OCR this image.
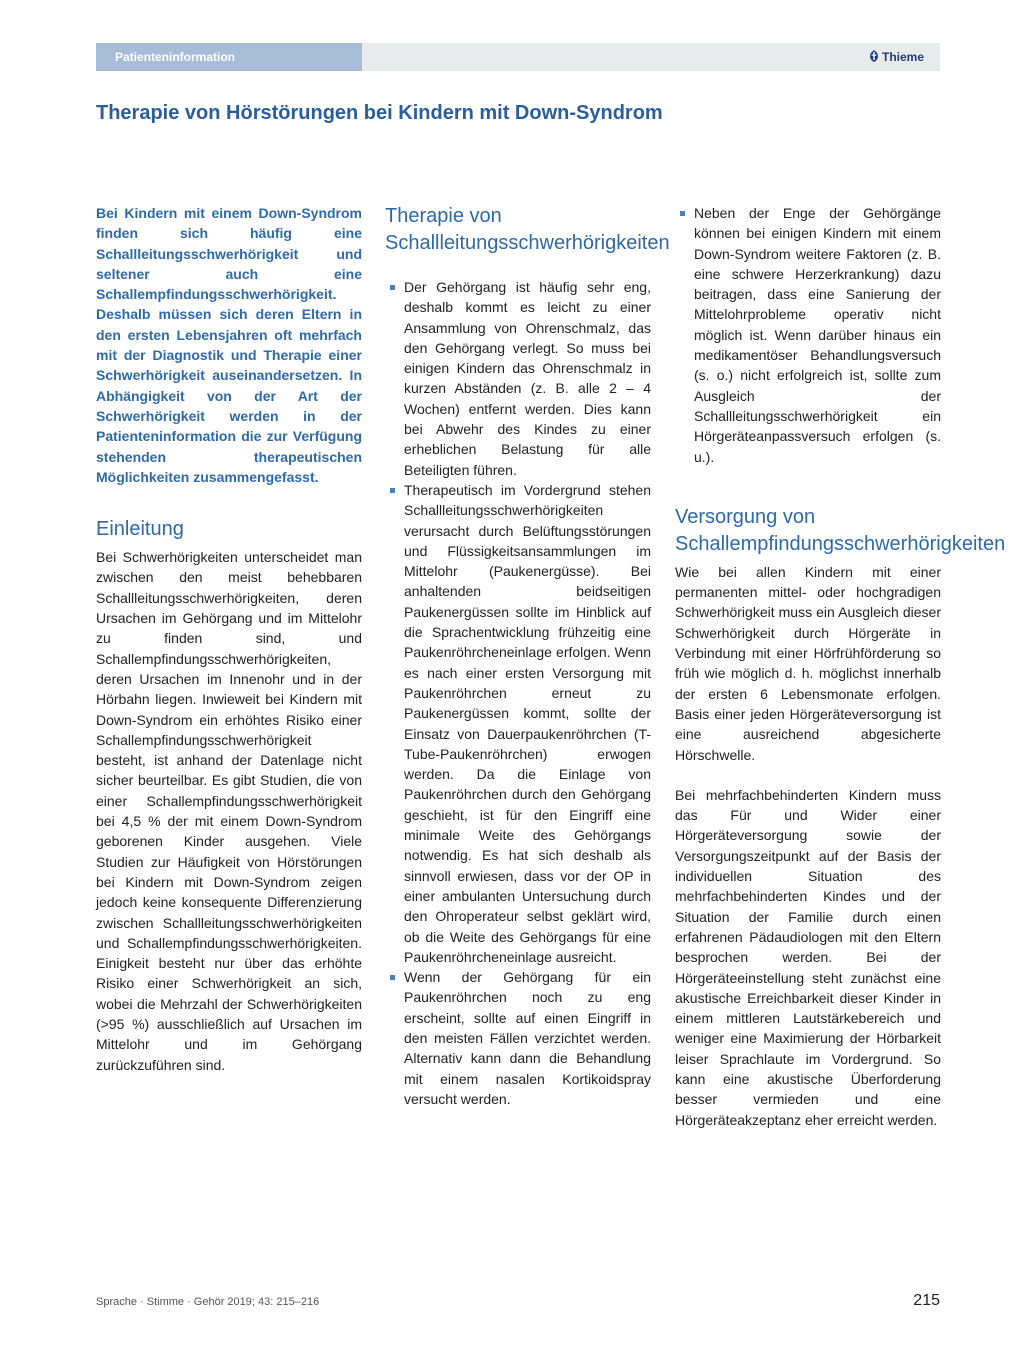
Patienteninformation	Thieme
Therapie von Hörstörungen bei Kindern mit Down-Syndrom

Bei Kindern mit einem Down-Syndrom finden sich häufig eine Schallleitungsschwerhörigkeit und seltener auch eine Schallempfindungsschwerhörigkeit. Deshalb müssen sich deren Eltern in den ersten Lebensjahren oft mehrfach mit der Diagnostik und Therapie einer Schwerhörigkeit auseinandersetzen. In Abhängigkeit von der Art der Schwerhörigkeit werden in der Patienteninformation die zur Verfügung stehenden therapeutischen Möglichkeiten zusammengefasst.

Einleitung

Bei Schwerhörigkeiten unterscheidet man zwischen den meist behebbaren Schallleitungsschwerhörigkeiten, deren Ursachen im Gehörgang und im Mittelohr zu finden sind, und Schallempfindungsschwerhörigkeiten, deren Ursachen im Innenohr und in der Hörbahn liegen. Inwieweit bei Kindern mit Down-Syndrom ein erhöhtes Risiko einer Schallempfindungsschwerhörigkeit besteht, ist anhand der Datenlage nicht sicher beurteilbar. Es gibt Studien, die von einer Schallempfindungsschwerhörigkeit bei 4,5 % der mit einem Down-Syndrom geborenen Kinder ausgehen. Viele Studien zur Häufigkeit von Hörstörungen bei Kindern mit Down-Syndrom zeigen jedoch keine konsequente Differenzierung zwischen Schallleitungsschwerhörigkeiten und Schallempfindungsschwerhörigkeiten. Einigkeit besteht nur über das erhöhte Risiko einer Schwerhörigkeit an sich, wobei die Mehrzahl der Schwerhörigkeiten (>95 %) ausschließlich auf Ursachen im Mittelohr und im Gehörgang zurückzuführen sind.

Therapie von Schallleitungsschwerhörigkeiten
Der Gehörgang ist häufig sehr eng, deshalb kommt es leicht zu einer Ansammlung von Ohrenschmalz, das den Gehörgang verlegt. So muss bei einigen Kindern das Ohrenschmalz in kurzen Abständen (z. B. alle 2 – 4 Wochen) entfernt werden. Dies kann bei Abwehr des Kindes zu einer erheblichen Belastung für alle Beteiligten führen.
Therapeutisch im Vordergrund stehen Schallleitungsschwerhörigkeiten verursacht durch Belüftungsstörungen und Flüssigkeitsansammlungen im Mittelohr (Paukenergüsse). Bei anhaltenden beidseitigen Paukenergüssen sollte im Hinblick auf die Sprachentwicklung frühzeitig eine Paukenröhrcheneinlage erfolgen. Wenn es nach einer ersten Versorgung mit Paukenröhrchen erneut zu Paukenergüssen kommt, sollte der Einsatz von Dauerpaukenröhrchen (T-Tube-Paukenröhrchen) erwogen werden. Da die Einlage von Paukenröhrchen durch den Gehörgang geschieht, ist für den Eingriff eine minimale Weite des Gehörgangs notwendig. Es hat sich deshalb als sinnvoll erwiesen, dass vor der OP in einer ambulanten Untersuchung durch den Ohroperateur selbst geklärt wird, ob die Weite des Gehörgangs für eine Paukenröhrcheneinlage ausreicht.
Wenn der Gehörgang für ein Paukenröhrchen noch zu eng erscheint, sollte auf einen Eingriff in den meisten Fällen verzichtet werden. Alternativ kann dann die Behandlung mit einem nasalen Kortikoidspray versucht werden.
Neben der Enge der Gehörgänge können bei einigen Kindern mit einem Down-Syndrom weitere Faktoren (z. B. eine schwere Herzerkrankung) dazu beitragen, dass eine Sanierung der Mittelohrprobleme operativ nicht möglich ist. Wenn darüber hinaus ein medikamentöser Behandlungsversuch (s. o.) nicht erfolgreich ist, sollte zum Ausgleich der Schallleitungsschwerhörigkeit ein Hörgeräteanpassversuch erfolgen (s. u.).
Versorgung von Schallempfindungsschwerhörigkeiten

Wie bei allen Kindern mit einer permanenten mittel- oder hochgradigen Schwerhörigkeit muss ein Ausgleich dieser Schwerhörigkeit durch Hörgeräte in Verbindung mit einer Hörfrühförderung so früh wie möglich d. h. möglichst innerhalb der ersten 6 Lebensmonate erfolgen. Basis einer jeden Hörgeräteversorgung ist eine ausreichend abgesicherte Hörschwelle.

Bei mehrfachbehinderten Kindern muss das Für und Wider einer Hörgeräteversorgung sowie der Versorgungszeitpunkt auf der Basis der individuellen Situation des mehrfachbehinderten Kindes und der Situation der Familie durch einen erfahrenen Pädaudiologen mit den Eltern besprochen werden. Bei der Hörgeräteeinstellung steht zunächst eine akustische Erreichbarkeit dieser Kinder in einem mittleren Lautstärkebereich und weniger eine Maximierung der Hörbarkeit leiser Sprachlaute im Vordergrund. So kann eine akustische Überforderung besser vermieden und eine Hörgeräteakzeptanz eher erreicht werden.

Sprache · Stimme · Gehör 2019; 43: 215–216	215
